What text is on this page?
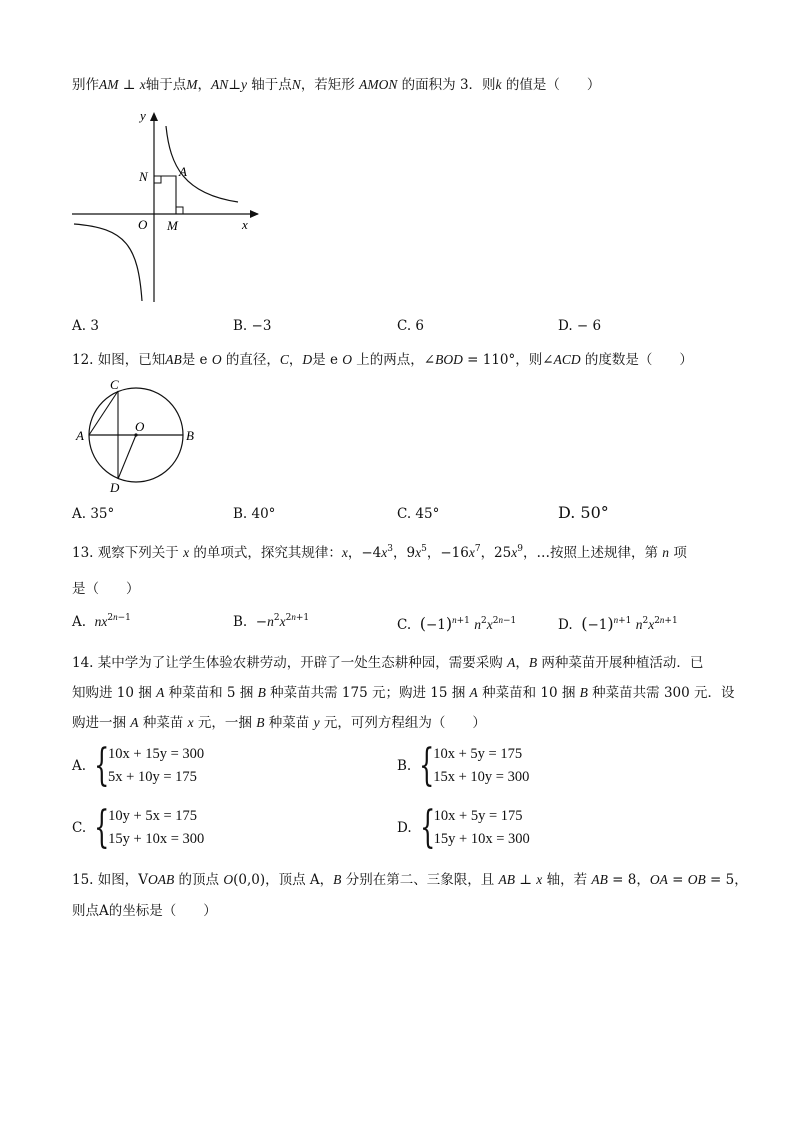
别作AM ⊥ x轴于点M，AN⊥y 轴于点N，若矩形 AMON 的面积为 3．则k 的值是（　　）
y
x
N A
O M
A. 3	B. −3	C. 6	D. − 6
12. 如图，已知AB是 e O 的直径，C，D是 e O 上的两点，∠BOD = 110°，则∠ACD 的度数是（　　）
C
A
O
B
D
A. 35°	B. 40°	C. 45°	D. 50°
13. 观察下列关于 x 的单项式，探究其规律：x，$-4x^3$，$9x^5$，$-16x^7$，$25x^9$，…按照上述规律，第 n 项
是（　　）
A.  $nx^{2n-1}$	B.  $-n^2x^{2n+1}$	C.  $(-1)^{n+1}$ $n^2x^{2n-1}$	D.  $(-1)^{n+1}$ $n^2x^{2n+1}$
14. 某中学为了让学生体验农耕劳动，开辟了一处生态耕种园，需要采购 A，B 两种菜苗开展种植活动．已
知购进 10 捆 A 种菜苗和 5 捆 B 种菜苗共需 175 元；购进 15 捆 A 种菜苗和 10 捆 B 种菜苗共需 300 元．设
购进一捆 A 种菜苗 x 元，一捆 B 种菜苗 y 元，可列方程组为（　　）
A. {
10x + 15y = 300
5x + 10y = 175
B. {
10x + 5y = 175
15x + 10y = 300
C. {
10y + 5x = 175
15y + 10x = 300
D. {
10x + 5y = 175
15y + 10x = 300
15. 如图，VOAB 的顶点 O(0,0)，顶点 A，B 分别在第二、三象限，且 AB ⊥ x 轴，若 AB = 8，OA = OB = 5，
则点A的坐标是（　　）
